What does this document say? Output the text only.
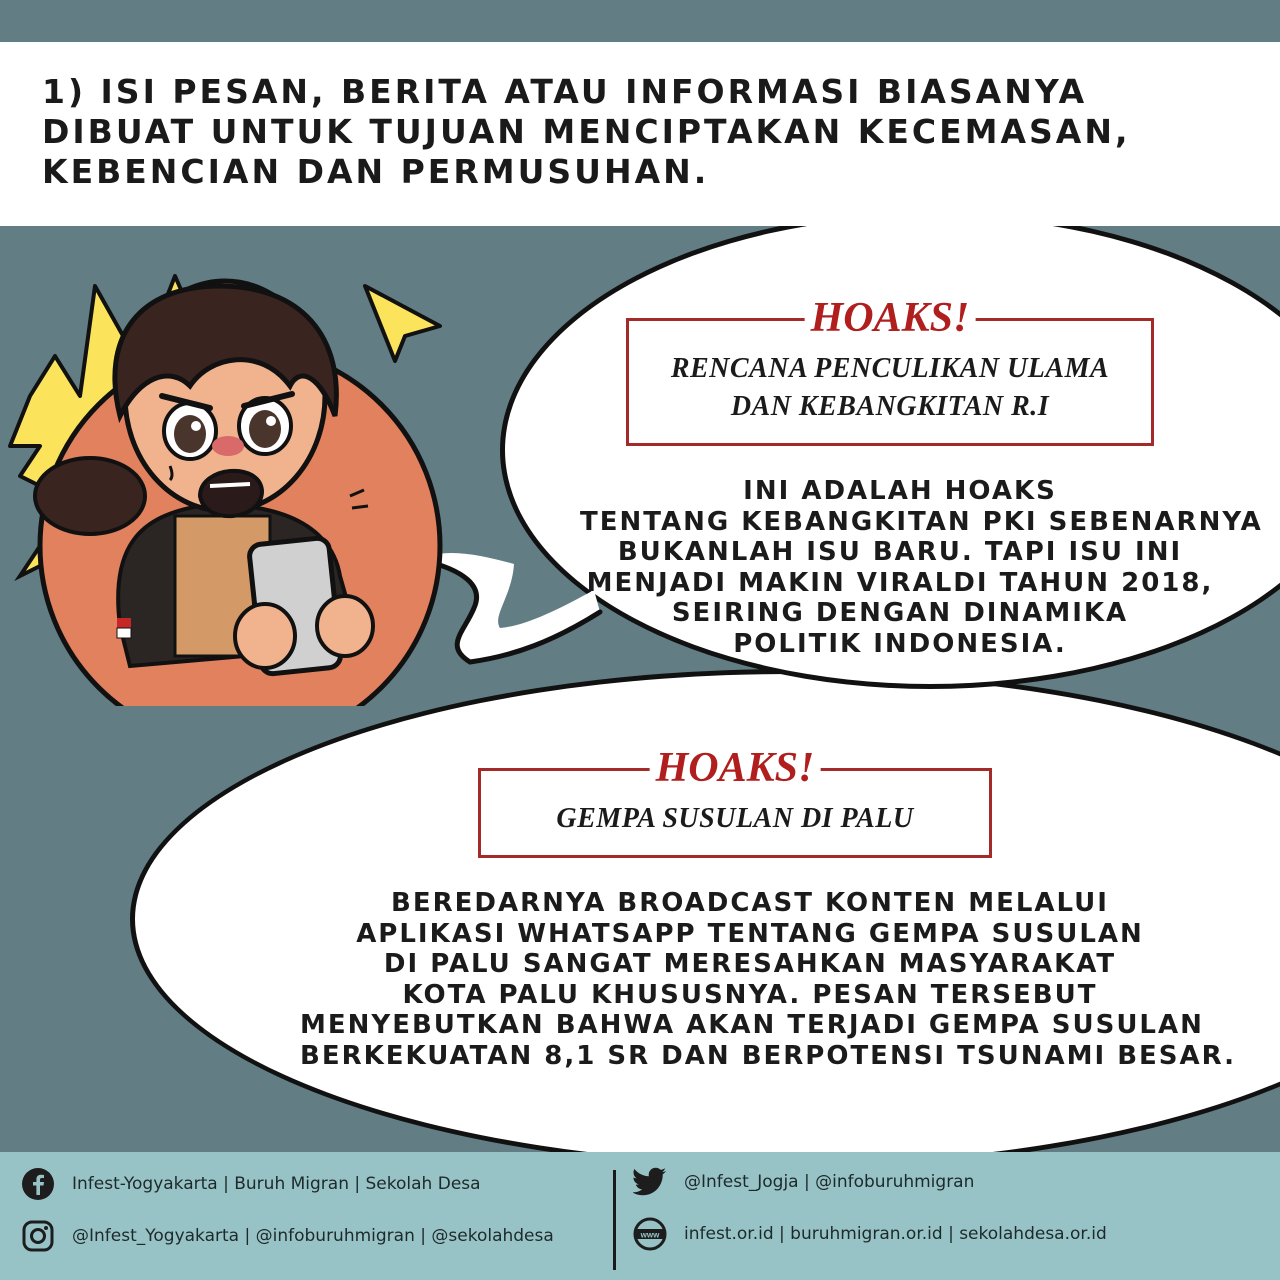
1) ISI PESAN, BERITA ATAU INFORMASI BIASANYA
DIBUAT UNTUK TUJUAN MENCIPTAKAN KECEMASAN,
KEBENCIAN DAN PERMUSUHAN.
HOAKS!
RENCANA PENCULIKAN ULAMA
DAN KEBANGKITAN R.I
INI ADALAH HOAKS
TENTANG KEBANGKITAN PKI SEBENARNYA
BUKANLAH ISU BARU. TAPI ISU INI
MENJADI MAKIN VIRALDI TAHUN 2018,
SEIRING DENGAN DINAMIKA
POLITIK INDONESIA.
HOAKS!
GEMPA SUSULAN DI PALU
BEREDARNYA BROADCAST KONTEN MELALUI
APLIKASI WHATSAPP TENTANG GEMPA SUSULAN
DI PALU SANGAT MERESAHKAN MASYARAKAT
KOTA PALU KHUSUSNYA. PESAN TERSEBUT
MENYEBUTKAN BAHWA AKAN TERJADI GEMPA SUSULAN
BERKEKUATAN 8,1 SR DAN BERPOTENSI TSUNAMI BESAR.
Infest-Yogyakarta | Buruh Migran | Sekolah Desa
@Infest_Yogyakarta | @infoburuhmigran | @sekolahdesa
@Infest_Jogja | @infoburuhmigran
www infest.or.id | buruhmigran.or.id | sekolahdesa.or.id
